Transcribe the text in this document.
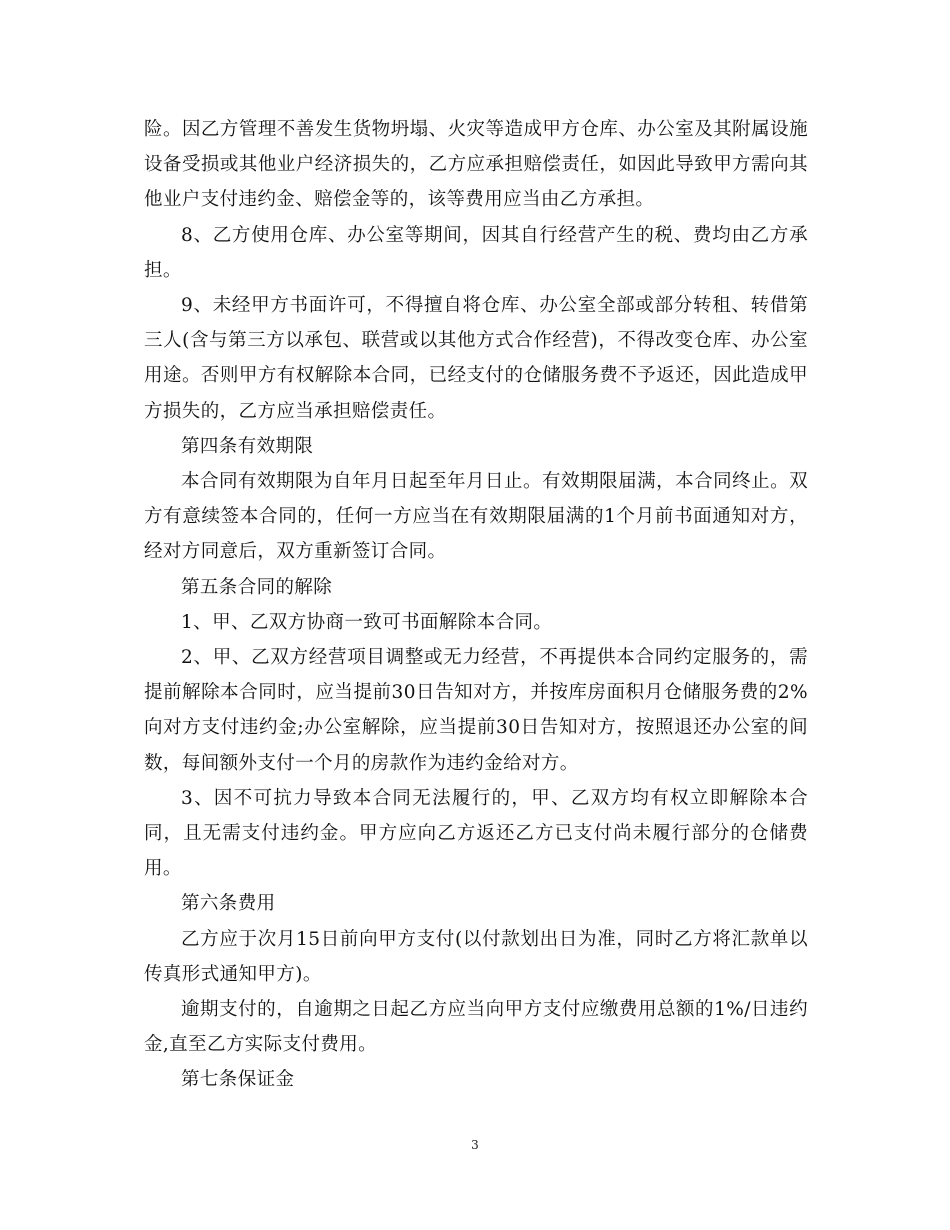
险。因乙方管理不善发生货物坍塌、火灾等造成甲方仓库、办公室及其附属设施设备受损或其他业户经济损失的，乙方应承担赔偿责任，如因此导致甲方需向其他业户支付违约金、赔偿金等的，该等费用应当由乙方承担。

8、乙方使用仓库、办公室等期间，因其自行经营产生的税、费均由乙方承担。

9、未经甲方书面许可，不得擅自将仓库、办公室全部或部分转租、转借第三人(含与第三方以承包、联营或以其他方式合作经营)，不得改变仓库、办公室用途。否则甲方有权解除本合同，已经支付的仓储服务费不予返还，因此造成甲方损失的，乙方应当承担赔偿责任。

第四条有效期限

本合同有效期限为自年月日起至年月日止。有效期限届满，本合同终止。双方有意续签本合同的，任何一方应当在有效期限届满的1个月前书面通知对方，经对方同意后，双方重新签订合同。

第五条合同的解除

1、甲、乙双方协商一致可书面解除本合同。

2、甲、乙双方经营项目调整或无力经营，不再提供本合同约定服务的，需提前解除本合同时，应当提前30日告知对方，并按库房面积月仓储服务费的2%向对方支付违约金;办公室解除，应当提前30日告知对方，按照退还办公室的间数，每间额外支付一个月的房款作为违约金给对方。

3、因不可抗力导致本合同无法履行的，甲、乙双方均有权立即解除本合同，且无需支付违约金。甲方应向乙方返还乙方已支付尚未履行部分的仓储费用。

第六条费用

乙方应于次月15日前向甲方支付(以付款划出日为准，同时乙方将汇款单以传真形式通知甲方)。

逾期支付的，自逾期之日起乙方应当向甲方支付应缴费用总额的1%/日违约金,直至乙方实际支付费用。

第七条保证金

3
